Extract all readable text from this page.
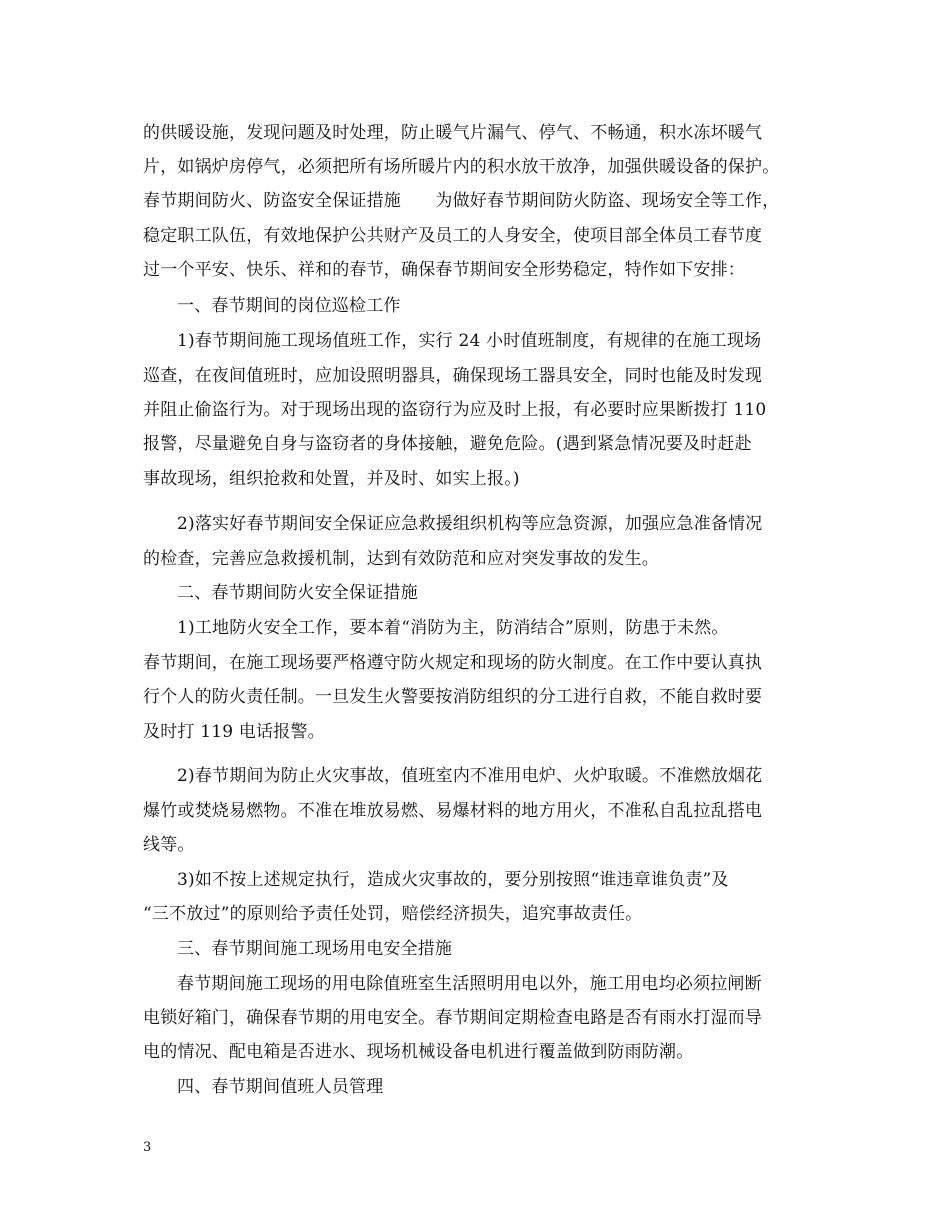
的供暖设施，发现问题及时处理，防止暖气片漏气、停气、不畅通，积水冻坏暖气
片，如锅炉房停气，必须把所有场所暖片内的积水放干放净，加强供暖设备的保护。
春节期间防火、防盗安全保证措施　　为做好春节期间防火防盗、现场安全等工作，
稳定职工队伍，有效地保护公共财产及员工的人身安全，使项目部全体员工春节度
过一个平安、快乐、祥和的春节，确保春节期间安全形势稳定，特作如下安排：
一、春节期间的岗位巡检工作
1)春节期间施工现场值班工作，实行 24 小时值班制度，有规律的在施工现场
巡查，在夜间值班时，应加设照明器具，确保现场工器具安全，同时也能及时发现
并阻止偷盗行为。对于现场出现的盗窃行为应及时上报，有必要时应果断拨打 110
报警，尽量避免自身与盗窃者的身体接触，避免危险。(遇到紧急情况要及时赶赴
事故现场，组织抢救和处置，并及时、如实上报。)
2)落实好春节期间安全保证应急救援组织机构等应急资源，加强应急准备情况
的检查，完善应急救援机制，达到有效防范和应对突发事故的发生。
二、春节期间防火安全保证措施
1)工地防火安全工作，要本着“消防为主，防消结合”原则，防患于未然。
春节期间，在施工现场要严格遵守防火规定和现场的防火制度。在工作中要认真执
行个人的防火责任制。一旦发生火警要按消防组织的分工进行自救，不能自救时要
及时打 119 电话报警。
2)春节期间为防止火灾事故，值班室内不准用电炉、火炉取暖。不准燃放烟花
爆竹或焚烧易燃物。不准在堆放易燃、易爆材料的地方用火，不准私自乱拉乱搭电
线等。
3)如不按上述规定执行，造成火灾事故的，要分别按照“谁违章谁负责”及
“三不放过”的原则给予责任处罚，赔偿经济损失，追究事故责任。
三、春节期间施工现场用电安全措施
春节期间施工现场的用电除值班室生活照明用电以外，施工用电均必须拉闸断
电锁好箱门，确保春节期的用电安全。春节期间定期检查电路是否有雨水打湿而导
电的情况、配电箱是否进水、现场机械设备电机进行覆盖做到防雨防潮。
四、春节期间值班人员管理
3
